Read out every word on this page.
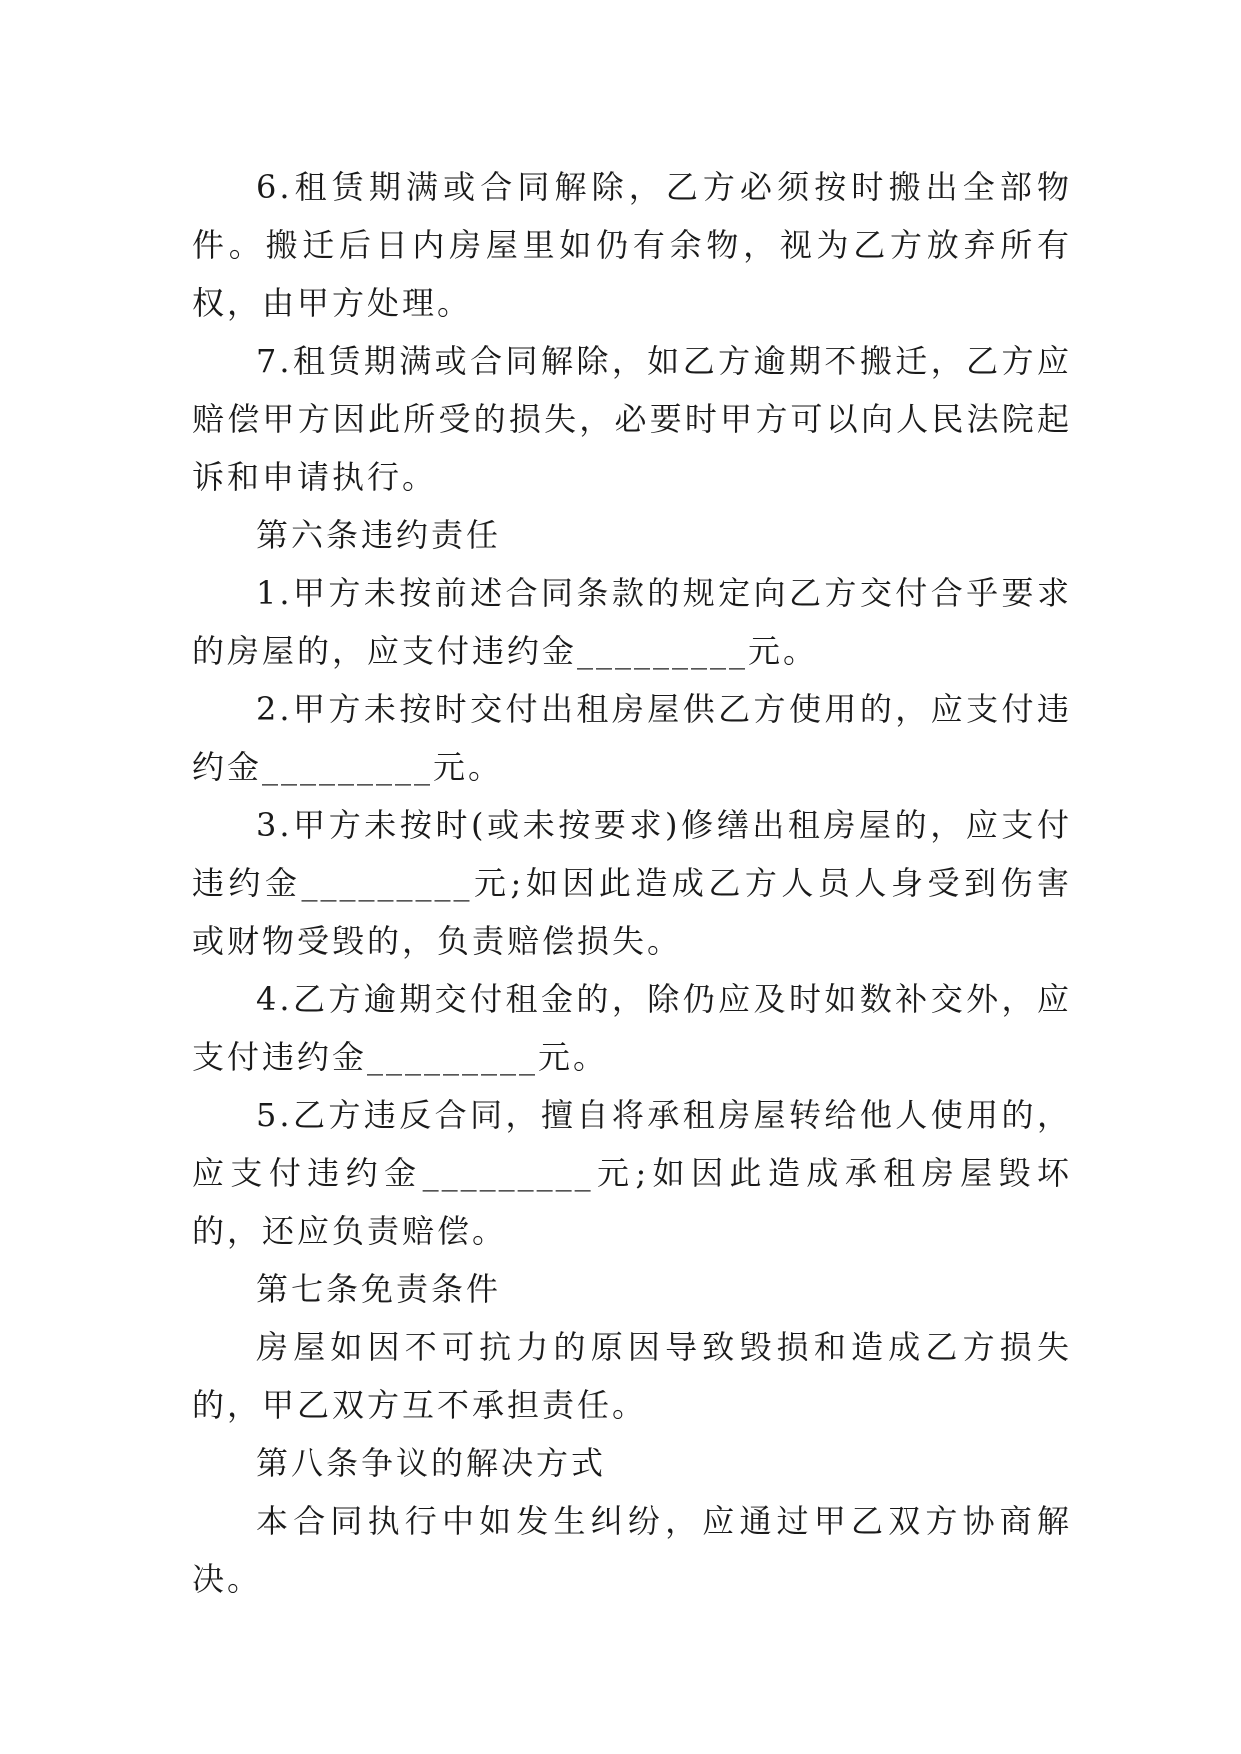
6.租赁期满或合同解除，乙方必须按时搬出全部物件。搬迁后日内房屋里如仍有余物，视为乙方放弃所有权，由甲方处理。

7.租赁期满或合同解除，如乙方逾期不搬迁，乙方应赔偿甲方因此所受的损失，必要时甲方可以向人民法院起诉和申请执行。

第六条违约责任

1.甲方未按前述合同条款的规定向乙方交付合乎要求的房屋的，应支付违约金_________元。

2.甲方未按时交付出租房屋供乙方使用的，应支付违约金_________元。

3.甲方未按时(或未按要求)修缮出租房屋的，应支付违约金_________元;如因此造成乙方人员人身受到伤害或财物受毁的，负责赔偿损失。

4.乙方逾期交付租金的，除仍应及时如数补交外，应支付违约金_________元。

5.乙方违反合同，擅自将承租房屋转给他人使用的，应支付违约金_________元;如因此造成承租房屋毁坏的，还应负责赔偿。

第七条免责条件

房屋如因不可抗力的原因导致毁损和造成乙方损失的，甲乙双方互不承担责任。

第八条争议的解决方式

本合同执行中如发生纠纷，应通过甲乙双方协商解决。
